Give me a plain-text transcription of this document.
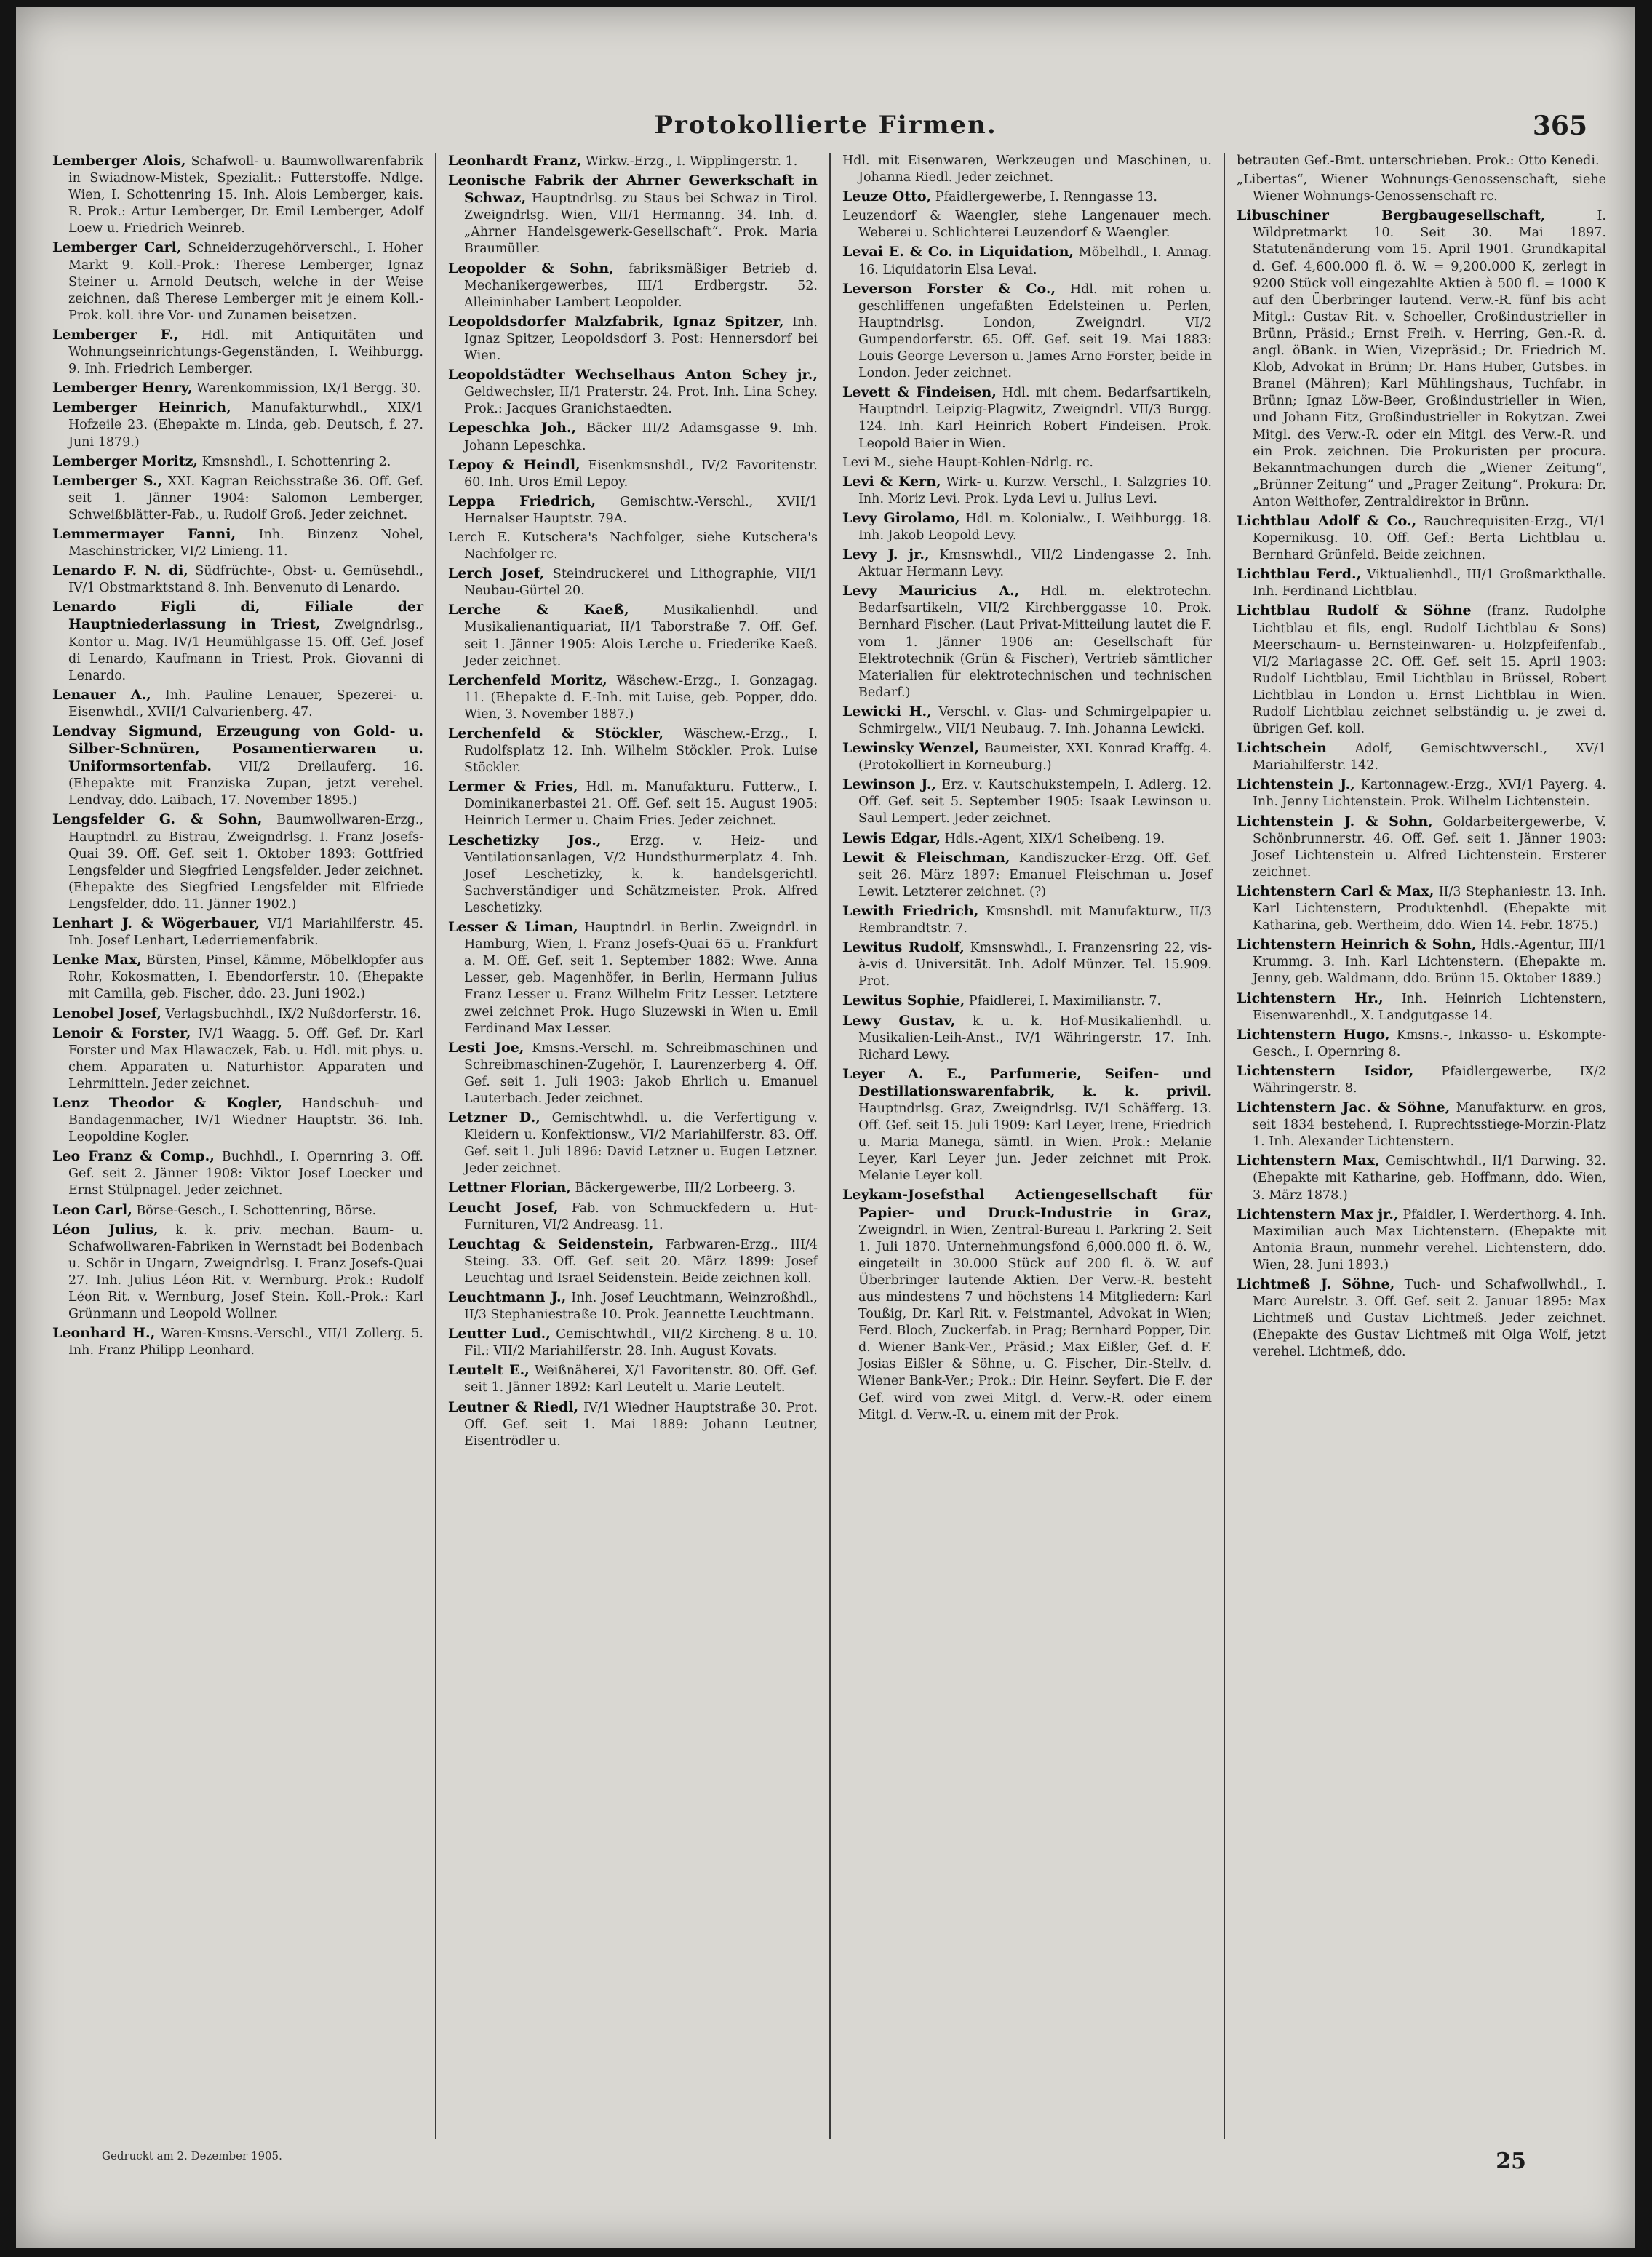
Protokollierte Firmen.	365

Lemberger Alois, Schafwoll- u. Baumwollwarenfabrik in Swiadnow-Mistek, Spezialit.: Futterstoffe. Ndlge. Wien, I. Schottenring 15. Inh. Alois Lemberger, kais. R. Prok.: Artur Lemberger, Dr. Emil Lemberger, Adolf Loew u. Friedrich Weinreb.

Lemberger Carl, Schneiderzugehörverschl., I. Hoher Markt 9. Koll.-Prok.: Therese Lemberger, Ignaz Steiner u. Arnold Deutsch, welche in der Weise zeichnen, daß Therese Lemberger mit je einem Koll.-Prok. koll. ihre Vor- und Zunamen beisetzen.

Lemberger F., Hdl. mit Antiquitäten und Wohnungseinrichtungs-Gegenständen, I. Weihburgg. 9. Inh. Friedrich Lemberger.

Lemberger Henry, Warenkommission, IX/1 Bergg. 30.

Lemberger Heinrich, Manufakturwhdl., XIX/1 Hofzeile 23. (Ehepakte m. Linda, geb. Deutsch, f. 27. Juni 1879.)

Lemberger Moritz, Kmsnshdl., I. Schottenring 2.

Lemberger S., XXI. Kagran Reichsstraße 36. Off. Gef. seit 1. Jänner 1904: Salomon Lemberger, Schweißblätter-Fab., u. Rudolf Groß. Jeder zeichnet.

Lemmermayer Fanni, Inh. Binzenz Nohel, Maschinstricker, VI/2 Linieng. 11.

Lenardo F. N. di, Südfrüchte-, Obst- u. Gemüsehdl., IV/1 Obstmarktstand 8. Inh. Benvenuto di Lenardo.

Lenardo Figli di, Filiale der Hauptniederlassung in Triest, Zweigndrlsg., Kontor u. Mag. IV/1 Heumühlgasse 15. Off. Gef. Josef di Lenardo, Kaufmann in Triest. Prok. Giovanni di Lenardo.

Lenauer A., Inh. Pauline Lenauer, Spezerei- u. Eisenwhdl., XVII/1 Calvarienberg. 47.

Lendvay Sigmund, Erzeugung von Gold- u. Silber-Schnüren, Posamentierwaren u. Uniformsortenfab. VII/2 Dreilauferg. 16. (Ehepakte mit Franziska Zupan, jetzt verehel. Lendvay, ddo. Laibach, 17. November 1895.)

Lengsfelder G. & Sohn, Baumwollwaren-Erzg., Hauptndrl. zu Bistrau, Zweigndrlsg. I. Franz Josefs-Quai 39. Off. Gef. seit 1. Oktober 1893: Gottfried Lengsfelder und Siegfried Lengsfelder. Jeder zeichnet. (Ehepakte des Siegfried Lengsfelder mit Elfriede Lengsfelder, ddo. 11. Jänner 1902.)

Lenhart J. & Wögerbauer, VI/1 Mariahilferstr. 45. Inh. Josef Lenhart, Lederriemenfabrik.

Lenke Max, Bürsten, Pinsel, Kämme, Möbelklopfer aus Rohr, Kokosmatten, I. Ebendorferstr. 10. (Ehepakte mit Camilla, geb. Fischer, ddo. 23. Juni 1902.)

Lenobel Josef, Verlagsbuchhdl., IX/2 Nußdorferstr. 16.

Lenoir & Forster, IV/1 Waagg. 5. Off. Gef. Dr. Karl Forster und Max Hlawaczek, Fab. u. Hdl. mit phys. u. chem. Apparaten u. Naturhistor. Apparaten und Lehrmitteln. Jeder zeichnet.

Lenz Theodor & Kogler, Handschuh- und Bandagenmacher, IV/1 Wiedner Hauptstr. 36. Inh. Leopoldine Kogler.

Leo Franz & Comp., Buchhdl., I. Opernring 3. Off. Gef. seit 2. Jänner 1908: Viktor Josef Loecker und Ernst Stülpnagel. Jeder zeichnet.

Leon Carl, Börse-Gesch., I. Schottenring, Börse.

Léon Julius, k. k. priv. mechan. Baum- u. Schafwollwaren-Fabriken in Wernstadt bei Bodenbach u. Schör in Ungarn, Zweigndrlsg. I. Franz Josefs-Quai 27. Inh. Julius Léon Rit. v. Wernburg. Prok.: Rudolf Léon Rit. v. Wernburg, Josef Stein. Koll.-Prok.: Karl Grünmann und Leopold Wollner.

Leonhard H., Waren-Kmsns.-Verschl., VII/1 Zollerg. 5. Inh. Franz Philipp Leonhard.

Leonhardt Franz, Wirkw.-Erzg., I. Wipplingerstr. 1.

Leonische Fabrik der Ahrner Gewerkschaft in Schwaz, Hauptndrlsg. zu Staus bei Schwaz in Tirol. Zweigndrlsg. Wien, VII/1 Hermanng. 34. Inh. d. „Ahrner Handelsgewerk-Gesellschaft“. Prok. Maria Braumüller.

Leopolder & Sohn, fabriksmäßiger Betrieb d. Mechanikergewerbes, III/1 Erdbergstr. 52. Alleininhaber Lambert Leopolder.

Leopoldsdorfer Malzfabrik, Ignaz Spitzer, Inh. Ignaz Spitzer, Leopoldsdorf 3. Post: Hennersdorf bei Wien.

Leopoldstädter Wechselhaus Anton Schey jr., Geldwechsler, II/1 Praterstr. 24. Prot. Inh. Lina Schey. Prok.: Jacques Granichstaedten.

Lepeschka Joh., Bäcker III/2 Adamsgasse 9. Inh. Johann Lepeschka.

Lepoy & Heindl, Eisenkmsnshdl., IV/2 Favoritenstr. 60. Inh. Uros Emil Lepoy.

Leppa Friedrich, Gemischtw.-Verschl., XVII/1 Hernalser Hauptstr. 79A.

Lerch E. Kutschera's Nachfolger, siehe Kutschera's Nachfolger rc.

Lerch Josef, Steindruckerei und Lithographie, VII/1 Neubau-Gürtel 20.

Lerche & Kaeß,	Musikalienhdl. und Musikalienantiquariat, II/1 Taborstraße 7. Off. Gef. seit 1. Jänner 1905: Alois Lerche u. Friederike Kaeß. Jeder zeichnet.

Lerchenfeld Moritz, Wäschew.-Erzg., I. Gonzagag. 11. (Ehepakte d. F.-Inh. mit Luise, geb. Popper, ddo. Wien, 3. November 1887.)

Lerchenfeld & Stöckler, Wäschew.-Erzg., I. Rudolfsplatz 12. Inh. Wilhelm Stöckler. Prok. Luise Stöckler.

Lermer & Fries, Hdl. m. Manufakturu. Futterw., I. Dominikanerbastei 21. Off. Gef. seit 15. August 1905: Heinrich Lermer u. Chaim Fries. Jeder zeichnet.

Leschetizky Jos., Erzg. v. Heiz- und Ventilationsanlagen, V/2 Hundsthurmerplatz 4. Inh. Josef Leschetizky, k. k. handelsgerichtl. Sachverständiger und Schätzmeister. Prok. Alfred Leschetizky.

Lesser & Liman, Hauptndrl. in Berlin. Zweigndrl. in Hamburg, Wien, I. Franz Josefs-Quai 65 u. Frankfurt a. M. Off. Gef. seit 1. September 1882: Wwe. Anna Lesser, geb. Magenhöfer, in Berlin, Hermann Julius Franz Lesser u. Franz Wilhelm Fritz Lesser. Letztere zwei zeichnet Prok. Hugo Sluzewski in Wien u. Emil Ferdinand Max Lesser.

Lesti Joe, Kmsns.-Verschl. m. Schreibmaschinen und Schreibmaschinen-Zugehör, I. Laurenzerberg 4. Off. Gef. seit 1. Juli 1903: Jakob Ehrlich u. Emanuel Lauterbach. Jeder zeichnet.

Letzner D., Gemischtwhdl. u. die Verfertigung v. Kleidern u. Konfektionsw., VI/2 Mariahilferstr. 83. Off. Gef. seit 1. Juli 1896: David Letzner u. Eugen Letzner. Jeder zeichnet.

Lettner Florian, Bäckergewerbe, III/2 Lorbeerg. 3.

Leucht Josef, Fab. von Schmuckfedern u. Hut-Furnituren, VI/2 Andreasg. 11.

Leuchtag & Seidenstein, Farbwaren-Erzg., III/4 Steing. 33. Off. Gef. seit 20. März 1899: Josef Leuchtag und Israel Seidenstein. Beide zeichnen koll.

Leuchtmann J., Inh. Josef Leuchtmann, Weinzroßhdl., II/3 Stephaniestraße 10. Prok. Jeannette Leuchtmann.

Leutter Lud., Gemischtwhdl., VII/2 Kircheng. 8 u. 10. Fil.: VII/2 Mariahilferstr. 28. Inh. August Kovats.

Leutelt E., Weißnäherei, X/1 Favoritenstr. 80. Off. Gef. seit 1. Jänner 1892: Karl Leutelt u. Marie Leutelt.

Leutner & Riedl, IV/1 Wiedner Hauptstraße 30. Prot. Off. Gef. seit 1. Mai 1889: Johann Leutner, Eisentrödler u.

Hdl. mit Eisenwaren, Werkzeugen und Maschinen, u. Johanna Riedl. Jeder zeichnet.

Leuze Otto, Pfaidlergewerbe, I. Renngasse 13.

Leuzendorf & Waengler, siehe Langenauer mech. Weberei u. Schlichterei Leuzendorf & Waengler.

Levai E. & Co. in Liquidation, Möbelhdl., I. Annag. 16. Liquidatorin Elsa Levai.

Leverson Forster & Co., Hdl. mit rohen u. geschliffenen ungefaßten Edelsteinen u. Perlen, Hauptndrlsg. London, Zweigndrl. VI/2 Gumpendorferstr. 65. Off. Gef. seit 19. Mai 1883: Louis George Leverson u. James Arno Forster, beide in London. Jeder zeichnet.

Levett & Findeisen, Hdl. mit chem. Bedarfsartikeln, Hauptndrl. Leipzig-Plagwitz, Zweigndrl. VII/3 Burgg. 124. Inh. Karl Heinrich Robert Findeisen. Prok. Leopold Baier in Wien.

Levi M., siehe Haupt-Kohlen-Ndrlg. rc.

Levi & Kern, Wirk- u. Kurzw. Verschl., I. Salzgries 10. Inh. Moriz Levi. Prok. Lyda Levi u. Julius Levi.

Levy Girolamo, Hdl. m. Kolonialw., I. Weihburgg. 18. Inh. Jakob Leopold Levy.

Levy J. jr., Kmsnswhdl., VII/2 Lindengasse 2. Inh. Aktuar Hermann Levy.

Levy Mauricius A., Hdl. m. elektrotechn. Bedarfsartikeln, VII/2 Kirchberggasse 10. Prok. Bernhard Fischer. (Laut Privat-Mitteilung lautet die F. vom 1. Jänner 1906 an: Gesellschaft für Elektrotechnik (Grün & Fischer), Vertrieb sämtlicher Materialien für elektrotechnischen und technischen Bedarf.)

Lewicki H., Verschl. v. Glas- und Schmirgelpapier u. Schmirgelw., VII/1 Neubaug. 7. Inh. Johanna Lewicki.

Lewinsky Wenzel, Baumeister, XXI. Konrad Kraffg. 4. (Protokolliert in Korneuburg.)

Lewinson J., Erz. v. Kautschukstempeln, I. Adlerg. 12. Off. Gef. seit 5. September 1905: Isaak Lewinson u. Saul Lempert. Jeder zeichnet.

Lewis Edgar, Hdls.-Agent, XIX/1 Scheibeng. 19.

Lewit & Fleischman, Kandiszucker-Erzg. Off. Gef. seit 26. März 1897: Emanuel Fleischman u. Josef Lewit. Letzterer zeichnet. (?)

Lewith Friedrich, Kmsnshdl. mit Manufakturw., II/3 Rembrandtstr. 7.

Lewitus Rudolf, Kmsnswhdl., I. Franzensring 22, vis-à-vis d. Universität. Inh. Adolf Münzer. Tel. 15.909. Prot.

Lewitus Sophie, Pfaidlerei, I. Maximilianstr. 7.

Lewy Gustav, k. u. k. Hof-Musikalienhdl. u. Musikalien-Leih-Anst., IV/1 Währingerstr. 17. Inh. Richard Lewy.

Leyer A. E., Parfumerie, Seifen- und Destillationswarenfabrik, k. k. privil. Hauptndrlsg. Graz, Zweigndrlsg. IV/1 Schäfferg. 13. Off. Gef. seit 15. Juli 1909: Karl Leyer, Irene, Friedrich u. Maria Manega, sämtl. in Wien. Prok.: Melanie Leyer, Karl Leyer jun. Jeder zeichnet mit Prok. Melanie Leyer koll.

Leykam-Josefsthal Actiengesellschaft für Papier- und Druck-Industrie in Graz, Zweigndrl. in Wien, Zentral-Bureau I. Parkring 2. Seit 1. Juli 1870. Unternehmungsfond 6,000.000 fl. ö. W., eingeteilt in 30.000 Stück auf 200 fl. ö. W. auf Überbringer lautende Aktien. Der Verw.-R. besteht aus mindestens 7 und höchstens 14 Mitgliedern: Karl Toußig, Dr. Karl Rit. v. Feistmantel, Advokat in Wien; Ferd. Bloch, Zuckerfab. in Prag; Bernhard Popper, Dir. d. Wiener Bank-Ver., Präsid.; Max Eißler, Gef. d. F. Josias Eißler & Söhne, u. G. Fischer, Dir.-Stellv. d. Wiener Bank-Ver.; Prok.: Dir. Heinr. Seyfert. Die F. der Gef. wird von zwei Mitgl. d. Verw.-R. oder einem Mitgl. d. Verw.-R. u. einem mit der Prok.

betrauten Gef.-Bmt. unterschrieben. Prok.: Otto Kenedi.

„Libertas“, Wiener Wohnungs-Genossenschaft, siehe Wiener Wohnungs-Genossenschaft rc.

Libuschiner Bergbaugesellschaft,	I. Wildpretmarkt 10. Seit 30. Mai 1897. Statutenänderung vom 15. April 1901. Grundkapital d. Gef. 4,600.000 fl. ö. W. = 9,200.000 K, zerlegt in 9200 Stück voll eingezahlte Aktien à 500 fl. = 1000 K auf den Überbringer lautend. Verw.-R. fünf bis acht Mitgl.: Gustav Rit. v. Schoeller, Großindustrieller in Brünn, Präsid.; Ernst Freih. v. Herring, Gen.-R. d. angl. öBank. in Wien, Vizepräsid.; Dr. Friedrich M. Klob, Advokat in Brünn; Dr. Hans Huber, Gutsbes. in Branel (Mähren); Karl Mühlingshaus, Tuchfabr. in Brünn; Ignaz Löw-Beer, Großindustrieller in Wien, und Johann Fitz, Großindustrieller in Rokytzan. Zwei Mitgl. des Verw.-R. oder ein Mitgl. des Verw.-R. und ein Prok. zeichnen. Die Prokuristen per procura. Bekanntmachungen durch die „Wiener Zeitung“, „Brünner Zeitung“ und „Prager Zeitung“. Prokura: Dr. Anton Weithofer, Zentraldirektor in Brünn.

Lichtblau Adolf & Co., Rauchrequisiten-Erzg., VI/1 Kopernikusg. 10. Off. Gef.: Berta Lichtblau u. Bernhard Grünfeld. Beide zeichnen.

Lichtblau Ferd., Viktualienhdl., III/1 Großmarkthalle. Inh. Ferdinand Lichtblau.

Lichtblau Rudolf & Söhne (franz. Rudolphe Lichtblau et fils, engl. Rudolf Lichtblau & Sons) Meerschaum- u. Bernsteinwaren- u. Holzpfeifenfab., VI/2 Mariagasse 2C. Off. Gef. seit 15. April 1903: Rudolf Lichtblau, Emil Lichtblau in Brüssel, Robert Lichtblau in London u. Ernst Lichtblau in Wien. Rudolf Lichtblau zeichnet selbständig u. je zwei d. übrigen Gef. koll.

Lichtschein Adolf, Gemischtwverschl., XV/1 Mariahilferstr. 142.

Lichtenstein J., Kartonnagew.-Erzg., XVI/1 Payerg. 4. Inh. Jenny Lichtenstein. Prok. Wilhelm Lichtenstein.

Lichtenstein J. & Sohn, Goldarbeitergewerbe, V. Schönbrunnerstr. 46. Off. Gef. seit 1. Jänner 1903: Josef Lichtenstein u. Alfred Lichtenstein. Ersterer zeichnet.

Lichtenstern Carl & Max, II/3 Stephaniestr. 13. Inh. Karl Lichtenstern, Produktenhdl. (Ehepakte mit Katharina, geb. Wertheim, ddo. Wien 14. Febr. 1875.)

Lichtenstern Heinrich & Sohn, Hdls.-Agentur, III/1 Krummg. 3. Inh. Karl Lichtenstern. (Ehepakte m. Jenny, geb. Waldmann, ddo. Brünn 15. Oktober 1889.)

Lichtenstern Hr., Inh. Heinrich Lichtenstern, Eisenwarenhdl., X. Landgutgasse 14.

Lichtenstern Hugo, Kmsns.-, Inkasso- u. Eskompte-Gesch., I. Opernring 8.

Lichtenstern Isidor, Pfaidlergewerbe, IX/2 Währingerstr. 8.

Lichtenstern Jac. & Söhne, Manufakturw. en gros, seit 1834 bestehend, I. Ruprechtsstiege-Morzin-Platz 1. Inh. Alexander Lichtenstern.

Lichtenstern Max, Gemischtwhdl., II/1 Darwing. 32. (Ehepakte mit Katharine, geb. Hoffmann, ddo. Wien, 3. März 1878.)

Lichtenstern Max jr., Pfaidler, I. Werderthorg. 4. Inh. Maximilian auch Max Lichtenstern. (Ehepakte mit Antonia Braun, nunmehr verehel. Lichtenstern, ddo. Wien, 28. Juni 1893.)

Lichtmeß J. Söhne, Tuch- und Schafwollwhdl., I. Marc Aurelstr. 3. Off. Gef. seit 2. Januar 1895: Max Lichtmeß und Gustav Lichtmeß. Jeder zeichnet. (Ehepakte des Gustav Lichtmeß mit Olga Wolf, jetzt verehel. Lichtmeß, ddo.

Gedruckt am 2. Dezember 1905.	25
